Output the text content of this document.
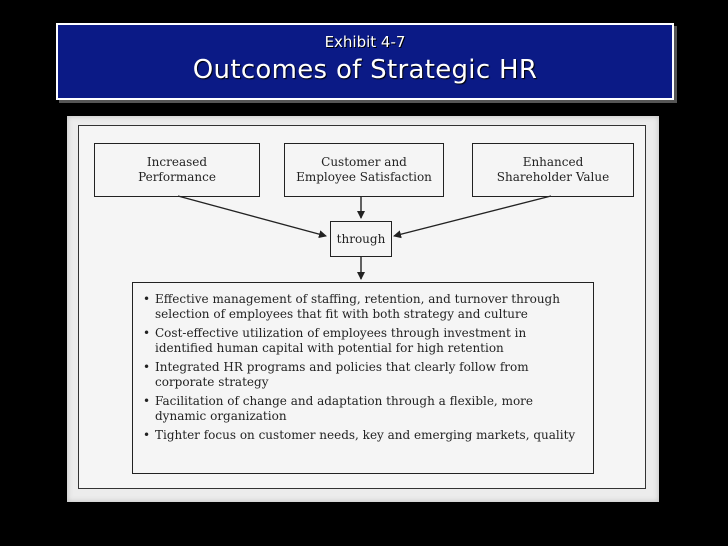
Exhibit 4-7
Outcomes of Strategic HR
Increased
Performance
Customer and
Employee Satisfaction
Enhanced
Shareholder Value
through
• Effective management of staffing, retention, and turnover through
selection of employees that fit with both strategy and culture
• Cost-effective utilization of employees through investment in
identified human capital with potential for high retention
• Integrated HR programs and policies that clearly follow from
corporate strategy
• Facilitation of change and adaptation through a flexible, more
dynamic organization
• Tighter focus on customer needs, key and emerging markets, quality
